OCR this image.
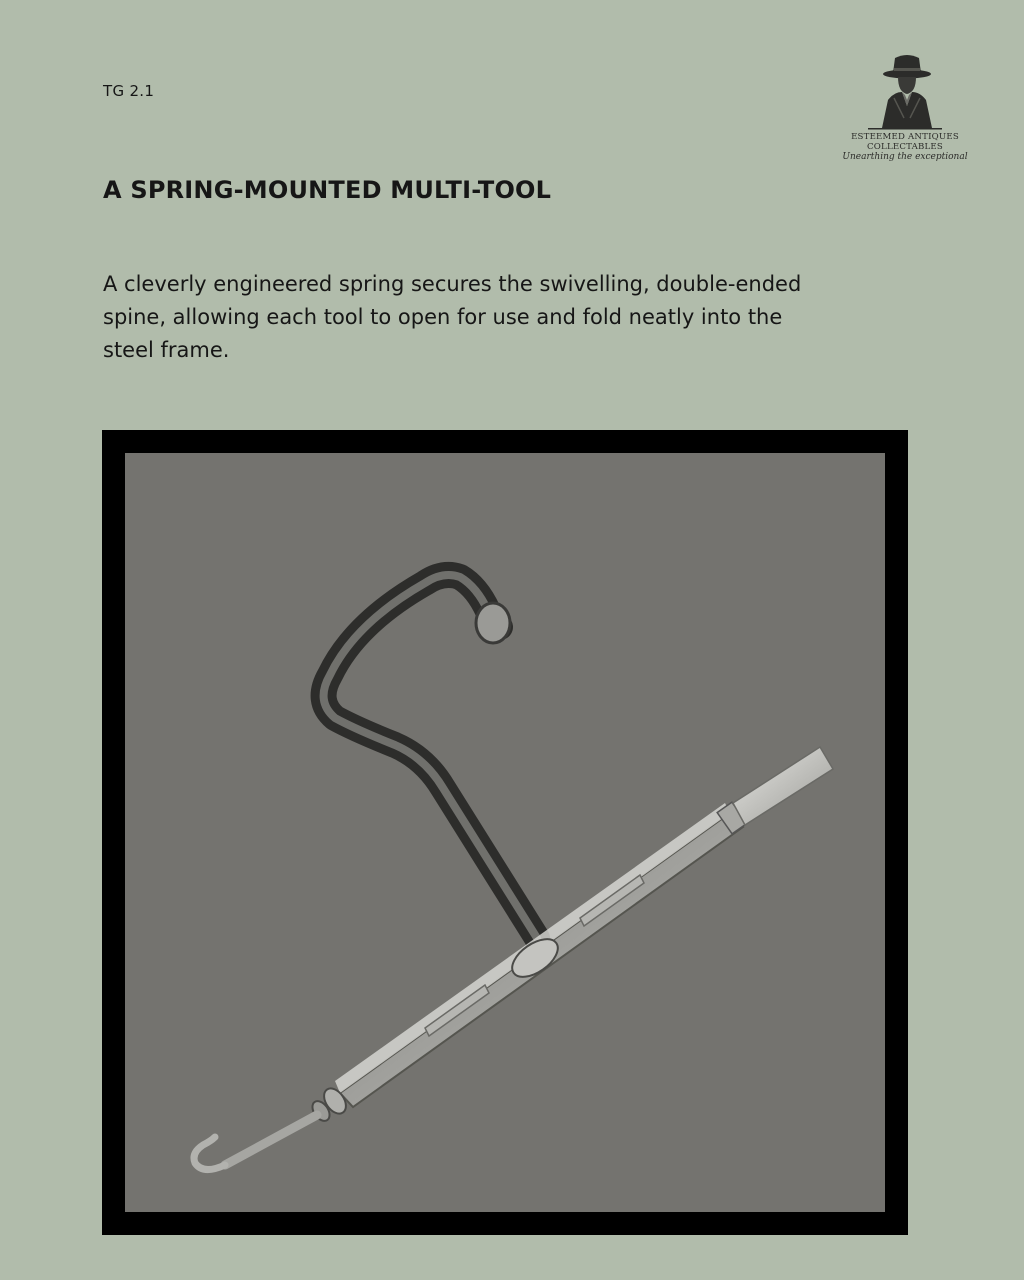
TG 2.1
ESTEEMED ANTIQUES
COLLECTABLES
Unearthing the exceptional
A SPRING-MOUNTED MULTI-TOOL

A cleverly engineered spring secures the swivelling, double-ended spine, allowing each tool to open for use and fold neatly into the steel frame.
